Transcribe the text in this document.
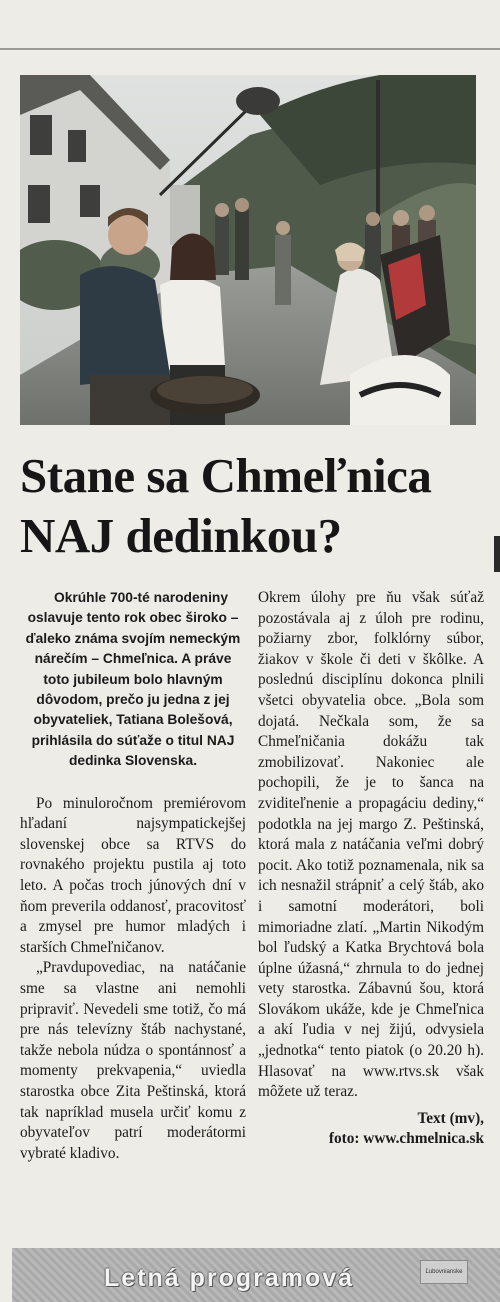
Stane sa Chmeľnica
NAJ dedinkou?

Okrúhle 700-té narodeniny oslavuje tento rok obec široko – ďaleko známa svojím nemeckým nárečím – Chmeľnica. A práve toto jubileum bolo hlavným dôvodom, prečo ju jedna z jej obyvateliek, Tatiana Bolešová, prihlásila do súťaže o titul NAJ dedinka Slovenska.

Po minuloročnom premiérovom hľadaní najsympatickejšej slovenskej obce sa RTVS do rovnakého projektu pustila aj toto leto. A počas troch júnových dní v ňom preverila oddanosť, pracovitosť a zmysel pre humor mladých i starších Chmeľničanov.

„Pravdupovediac, na natáčanie sme sa vlastne ani nemohli pripraviť. Nevedeli sme totiž, čo má pre nás televízny štáb nachystané, takže nebola núdza o spontánnosť a momenty prekvapenia,“ uviedla starostka obce Zita Peštinská, ktorá tak napríklad musela určiť komu z obyvateľov patrí moderátormi vybraté kladivo.

Okrem úlohy pre ňu však súťaž pozostávala aj z úloh pre rodinu, požiarny zbor, folklórny súbor, žiakov v škole či deti v škôlke. A poslednú disciplínu dokonca plnili všetci obyvatelia obce. „Bola som dojatá. Nečkala som, že sa Chmeľničania dokážu tak zmobilizovať. Nakoniec ale pochopili, že je to šanca na zviditeľnenie a propagáciu dediny,“ podotkla na jej margo Z. Peštinská, ktorá mala z natáčania veľmi dobrý pocit. Ako totiž poznamenala, nik sa ich nesnažil strápniť a celý štáb, ako i samotní moderátori, boli mimoriadne zlatí. „Martin Nikodým bol ľudský a Katka Brychtová bola úplne úžasná,“ zhrnula to do jednej vety starostka. Zábavnú šou, ktorá Slovákom ukáže, kde je Chmeľnica a akí ľudia v nej žijú, odvysiela „jednotka“ tento piatok (o 20.20 h). Hlasovať na www.rtvs.sk však môžete už teraz.

Text (mv),
foto: www.chmelnica.sk

Letná programová	Ľubovnianske
